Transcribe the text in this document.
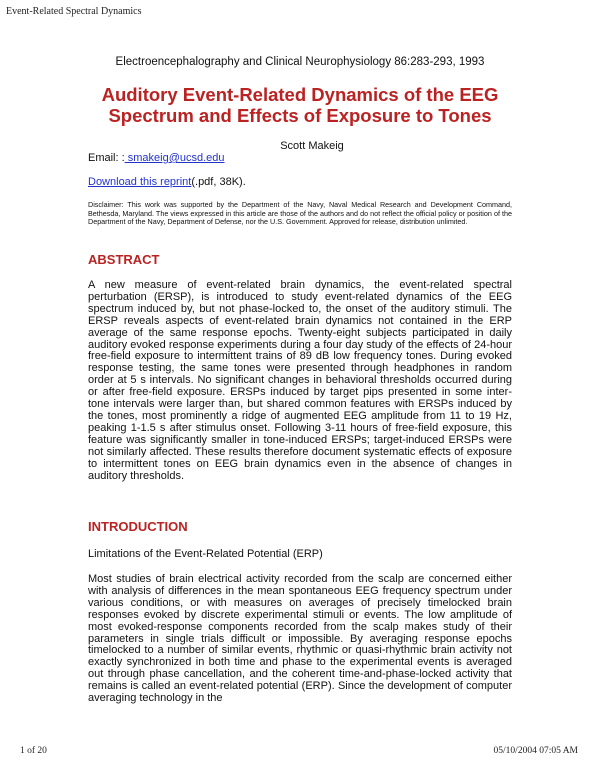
Event-Related Spectral Dynamics
Electroencephalography and Clinical Neurophysiology 86:283-293, 1993
Auditory Event-Related Dynamics of the EEG Spectrum and Effects of Exposure to Tones
Scott Makeig
Email: : smakeig@ucsd.edu
Download this reprint(.pdf, 38K).

Disclaimer: This work was supported by the Department of the Navy, Naval Medical Research and Development Command, Bethesda, Maryland. The views expressed in this article are those of the authors and do not reflect the official policy or position of the Department of the Navy, Department of Defense, nor the U.S. Government. Approved for release, distribution unlimited.

ABSTRACT

A new measure of event-related brain dynamics, the event-related spectral perturbation (ERSP), is introduced to study event-related dynamics of the EEG spectrum induced by, but not phase-locked to, the onset of the auditory stimuli. The ERSP reveals aspects of event-related brain dynamics not contained in the ERP average of the same response epochs. Twenty-eight subjects participated in daily auditory evoked response experiments during a four day study of the effects of 24-hour free-field exposure to intermittent trains of 89 dB low frequency tones. During evoked response testing, the same tones were presented through headphones in random order at 5 s intervals. No significant changes in behavioral thresholds occurred during or after free-field exposure. ERSPs induced by target pips presented in some inter-tone intervals were larger than, but shared common features with ERSPs induced by the tones, most prominently a ridge of augmented EEG amplitude from 11 to 19 Hz, peaking 1-1.5 s after stimulus onset. Following 3-11 hours of free-field exposure, this feature was significantly smaller in tone-induced ERSPs; target-induced ERSPs were not similarly affected. These results therefore document systematic effects of exposure to intermittent tones on EEG brain dynamics even in the absence of changes in auditory thresholds.

INTRODUCTION

Limitations of the Event-Related Potential (ERP)

Most studies of brain electrical activity recorded from the scalp are concerned either with analysis of differences in the mean spontaneous EEG frequency spectrum under various conditions, or with measures on averages of precisely timelocked brain responses evoked by discrete experimental stimuli or events. The low amplitude of most evoked-response components recorded from the scalp makes study of their parameters in single trials difficult or impossible. By averaging response epochs timelocked to a number of similar events, rhythmic or quasi-rhythmic brain activity not exactly synchronized in both time and phase to the experimental events is averaged out through phase cancellation, and the coherent time-and-phase-locked activity that remains is called an event-related potential (ERP). Since the development of computer averaging technology in the

1 of 20	05/10/2004 07:05 AM
